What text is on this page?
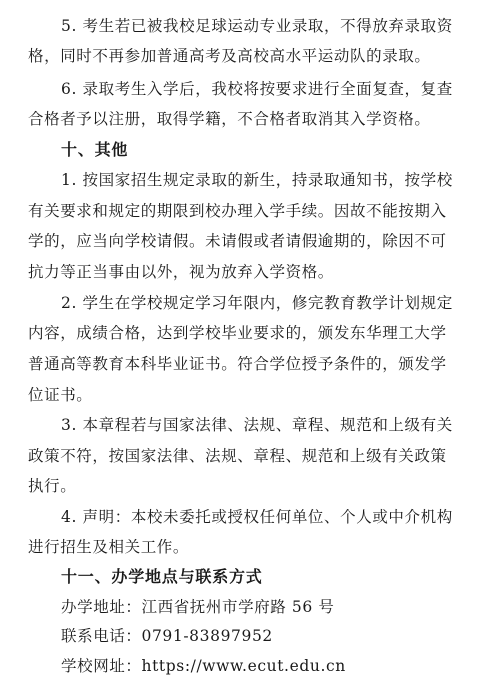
5. 考生若已被我校足球运动专业录取，不得放弃录取资
格，同时不再参加普通高考及高校高水平运动队的录取。
6. 录取考生入学后，我校将按要求进行全面复查，复查
合格者予以注册，取得学籍，不合格者取消其入学资格。
十、其他
1. 按国家招生规定录取的新生，持录取通知书，按学校
有关要求和规定的期限到校办理入学手续。因故不能按期入
学的，应当向学校请假。未请假或者请假逾期的，除因不可
抗力等正当事由以外，视为放弃入学资格。
2. 学生在学校规定学习年限内，修完教育教学计划规定
内容，成绩合格，达到学校毕业要求的，颁发东华理工大学
普通高等教育本科毕业证书。符合学位授予条件的，颁发学
位证书。
3. 本章程若与国家法律、法规、章程、规范和上级有关
政策不符，按国家法律、法规、章程、规范和上级有关政策
执行。
4. 声明：本校未委托或授权任何单位、个人或中介机构
进行招生及相关工作。
十一、办学地点与联系方式
办学地址：江西省抚州市学府路 56 号
联系电话：0791-83897952
学校网址：https://www.ecut.edu.cn
